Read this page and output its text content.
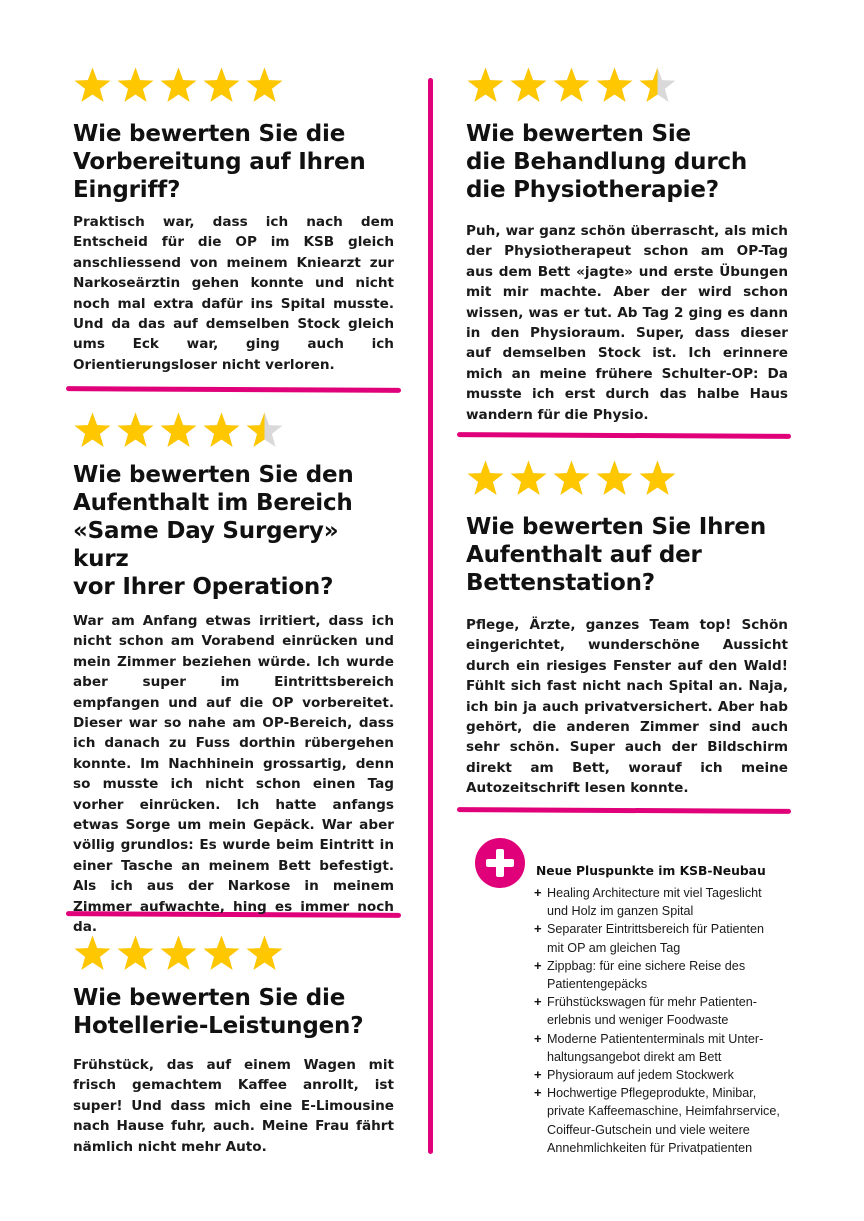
Wie bewerten Sie die
Vorbereitung auf Ihren
Eingriff?

Praktisch war, dass ich nach dem Entscheid für die OP im KSB gleich anschliessend von meinem Kniearzt zur Narkoseärztin gehen konnte und nicht noch mal extra dafür ins Spital musste. Und da das auf demselben Stock gleich ums Eck war, ging auch ich Orientierungsloser nicht verloren.

Wie bewerten Sie den
Aufenthalt im Bereich
«Same Day Surgery» kurz
vor Ihrer Operation?

War am Anfang etwas irritiert, dass ich nicht schon am Vorabend einrücken und mein Zimmer beziehen würde. Ich wurde aber super im Eintrittsbereich empfangen und auf die OP vorbereitet. Dieser war so nahe am OP-Bereich, dass ich danach zu Fuss dorthin rübergehen konnte. Im Nachhinein grossartig, denn so musste ich nicht schon einen Tag vorher einrücken. Ich hatte anfangs etwas Sorge um mein Gepäck. War aber völlig grundlos: Es wurde beim Eintritt in einer Tasche an meinem Bett befestigt. Als ich aus der Narkose in meinem Zimmer aufwachte, hing es immer noch da.

Wie bewerten Sie die
Hotellerie-Leistungen?

Frühstück, das auf einem Wagen mit frisch gemachtem Kaffee anrollt, ist super! Und dass mich eine E-Limousine nach Hause fuhr, auch. Meine Frau fährt nämlich nicht mehr Auto.

Wie bewerten Sie
die Behandlung durch
die Physiotherapie?

Puh, war ganz schön überrascht, als mich der Physiotherapeut schon am OP-Tag aus dem Bett «jagte» und erste Übungen mit mir machte. Aber der wird schon wissen, was er tut. Ab Tag 2 ging es dann in den Physioraum. Super, dass dieser auf demselben Stock ist. Ich erinnere mich an meine frühere Schulter-OP: Da musste ich erst durch das halbe Haus wandern für die Physio.

Wie bewerten Sie Ihren
Aufenthalt auf der
Bettenstation?

Pflege, Ärzte, ganzes Team top! Schön eingerichtet, wunderschöne Aussicht durch ein riesiges Fenster auf den Wald! Fühlt sich fast nicht nach Spital an. Naja, ich bin ja auch privatversichert. Aber hab gehört, die anderen Zimmer sind auch sehr schön. Super auch der Bildschirm direkt am Bett, worauf ich meine Autozeitschrift lesen konnte.

Neue Pluspunkte im KSB-Neubau
+ Healing Architecture mit viel Tageslicht
und Holz im ganzen Spital
+ Separater Eintrittsbereich für Patienten
mit OP am gleichen Tag
+ Zippbag: für eine sichere Reise des
Patientengepäcks
+ Frühstückswagen für mehr Patienten-
erlebnis und weniger Foodwaste
+ Moderne Patiententerminals mit Unter-
haltungsangebot direkt am Bett
+ Physioraum auf jedem Stockwerk
+ Hochwertige Pflegeprodukte, Minibar,
private Kaffeemaschine, Heimfahrservice,
Coiffeur-Gutschein und viele weitere
Annehmlichkeiten für Privatpatienten
